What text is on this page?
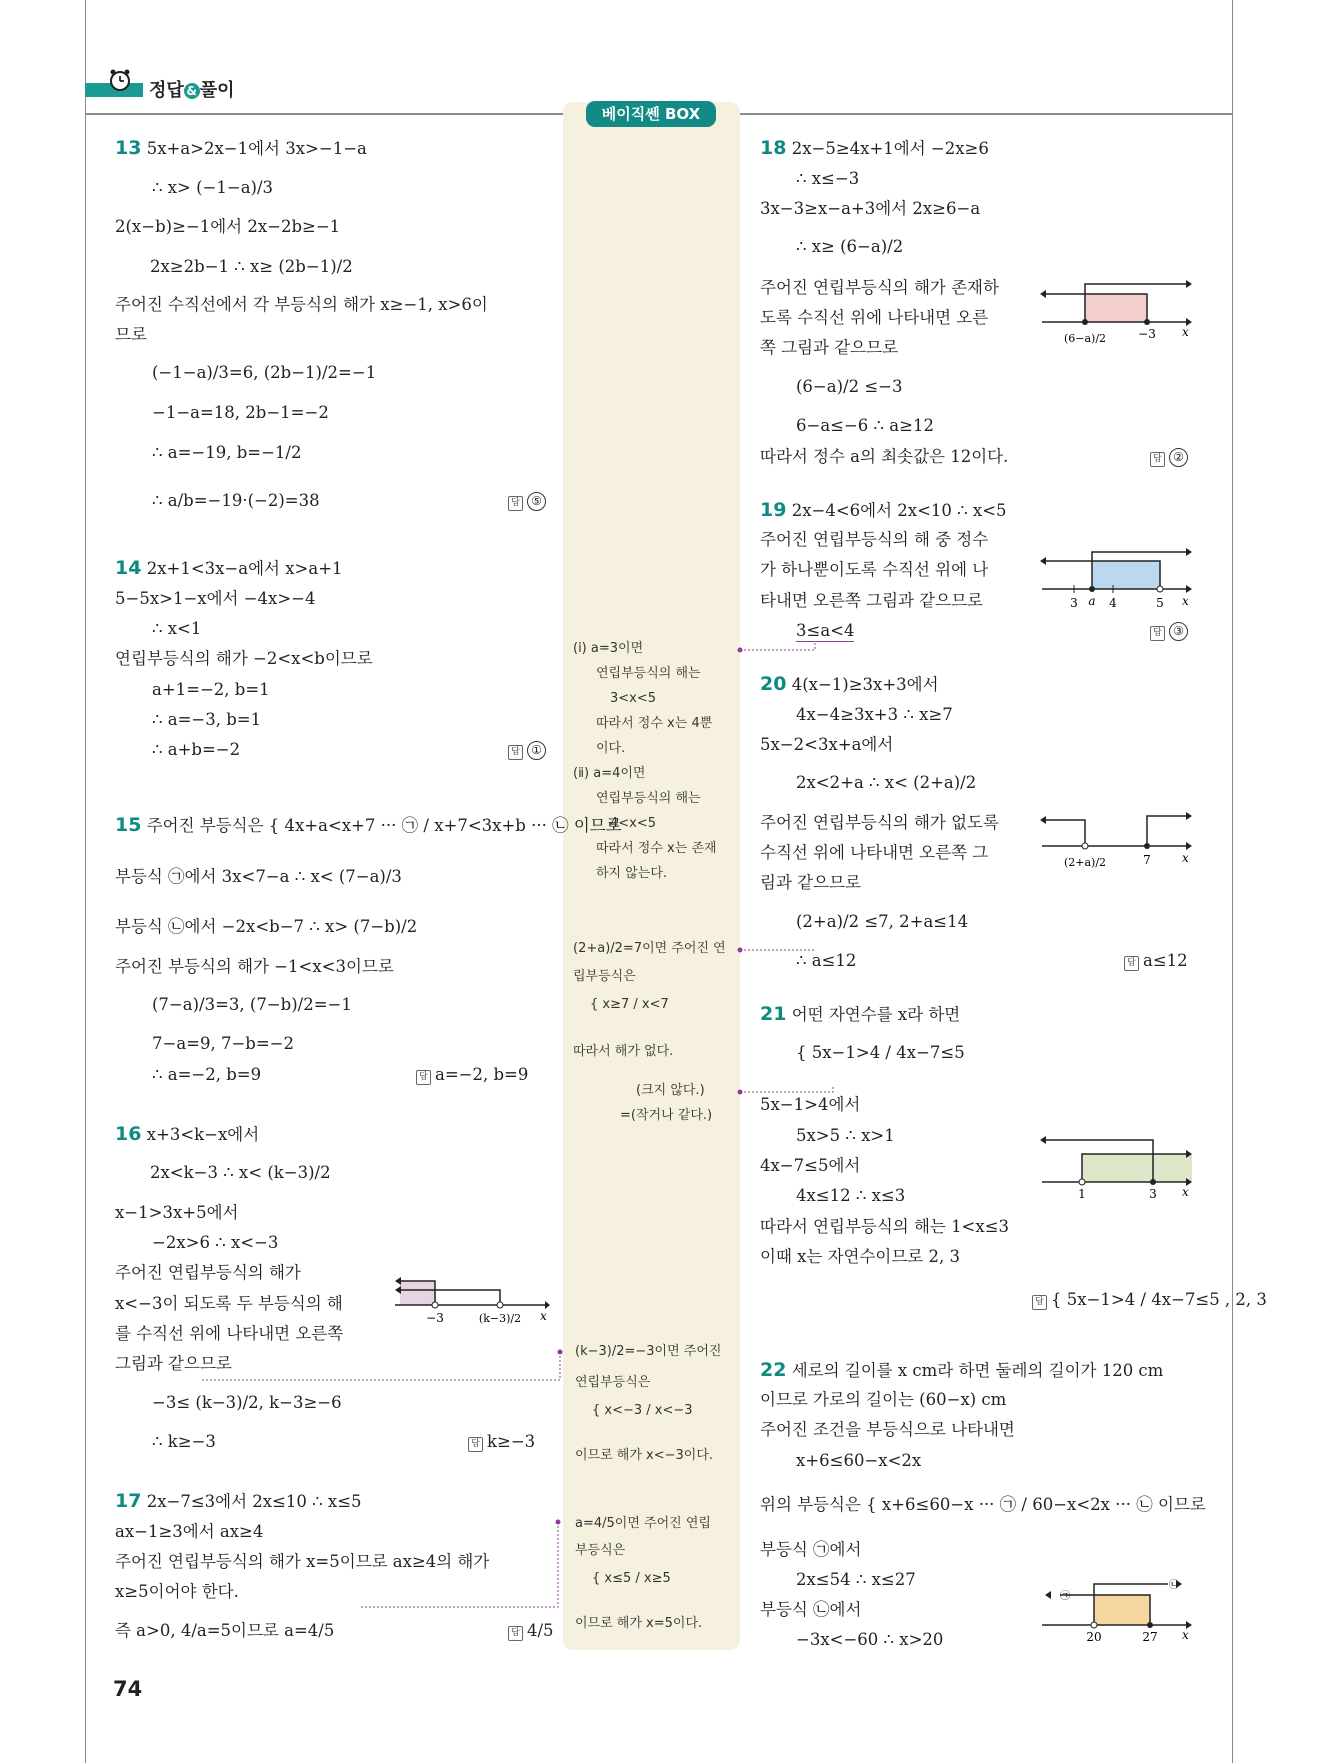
정답 & 풀이
베이직쎈 BOX
13 5x+a>2x−1에서 3x>−1−a
∴ x> (−1−a)/3
2(x−b)≥−1에서 2x−2b≥−1
2x≥2b−1 ∴ x≥ (2b−1)/2
주어진 수직선에서 각 부등식의 해가 x≥−1, x>6이
므로
(−1−a)/3=6, (2b−1)/2=−1
−1−a=18, 2b−1=−2
∴ a=−19, b=−1/2
∴ a/b=−19·(−2)=38	답 ⑤
14 2x+1<3x−a에서 x>a+1
5−5x>1−x에서 −4x>−4
∴ x<1
연립부등식의 해가 −2<x<b이므로
a+1=−2, b=1
∴ a=−3, b=1
∴ a+b=−2	답 ①
15 주어진 부등식은 { 4x+a<x+7 ··· ㉠ / x+7<3x+b ··· ㉡ 이므로
부등식 ㉠에서 3x<7−a ∴ x< (7−a)/3
부등식 ㉡에서 −2x<b−7 ∴ x> (7−b)/2
주어진 부등식의 해가 −1<x<3이므로
(7−a)/3=3, (7−b)/2=−1
7−a=9, 7−b=−2
∴ a=−2, b=9	답 a=−2, b=9
16 x+3<k−x에서
2x<k−3 ∴ x< (k−3)/2
x−1>3x+5에서
−2x>6 ∴ x<−3
주어진 연립부등식의 해가
x<−3이 되도록 두 부등식의 해
를 수직선 위에 나타내면 오른쪽
그림과 같으므로
−3≤ (k−3)/2, k−3≥−6
∴ k≥−3	답 k≥−3
17 2x−7≤3에서 2x≤10 ∴ x≤5
ax−1≥3에서 ax≥4
주어진 연립부등식의 해가 x=5이므로 ax≥4의 해가
x≥5이어야 한다.
즉 a>0, 4/a=5이므로 a=4/5	답 4/5
−3	(k−3)/2 x
18 2x−5≥4x+1에서 −2x≥6
∴ x≤−3
3x−3≥x−a+3에서 2x≥6−a
∴ x≥ (6−a)/2
주어진 연립부등식의 해가 존재하
도록 수직선 위에 나타내면 오른
쪽 그림과 같으므로
(6−a)/2 ≤−3
6−a≤−6 ∴ a≥12
따라서 정수 a의 최솟값은 12이다.	답 ②
19 2x−4<6에서 2x<10 ∴ x<5
주어진 연립부등식의 해 중 정수
가 하나뿐이도록 수직선 위에 나
타내면 오른쪽 그림과 같으므로
3≤a<4	답 ③
20 4(x−1)≥3x+3에서
4x−4≥3x+3 ∴ x≥7
5x−2<3x+a에서
2x<2+a ∴ x< (2+a)/2
주어진 연립부등식의 해가 없도록
수직선 위에 나타내면 오른쪽 그
림과 같으므로
(2+a)/2 ≤7, 2+a≤14
∴ a≤12	답 a≤12
21 어떤 자연수를 x라 하면
{ 5x−1>4 / 4x−7≤5
5x−1>4에서
5x>5 ∴ x>1
4x−7≤5에서
4x≤12 ∴ x≤3
따라서 연립부등식의 해는 1<x≤3
이때 x는 자연수이므로 2, 3
답 { 5x−1>4 / 4x−7≤5 , 2, 3
22 세로의 길이를 x cm라 하면 둘레의 길이가 120 cm
이므로 가로의 길이는 (60−x) cm
주어진 조건을 부등식으로 나타내면
x+6≤60−x<2x
위의 부등식은 { x+6≤60−x ··· ㉠ / 60−x<2x ··· ㉡ 이므로
부등식 ㉠에서
2x≤54 ∴ x≤27
부등식 ㉡에서
−3x<−60 ∴ x>20
(6−a)/2	−3 x
3 a 4	5 x
(2+a)/2	7	x
1	3 x
㉠
㉡
20	27 x
(ⅰ) a=3이면
연립부등식의 해는
3<x<5
따라서 정수 x는 4뿐
이다.
(ⅱ) a=4이면
연립부등식의 해는
4<x<5
따라서 정수 x는 존재
하지 않는다.
(2+a)/2=7이면 주어진 연
립부등식은
{ x≥7 / x<7
따라서 해가 없다.
(크지 않다.)
=(작거나 같다.)
(k−3)/2=−3이면 주어진
연립부등식은
{ x<−3 / x<−3
이므로 해가 x<−3이다.
a=4/5이면 주어진 연립
부등식은
{ x≤5 / x≥5
이므로 해가 x=5이다.
74
